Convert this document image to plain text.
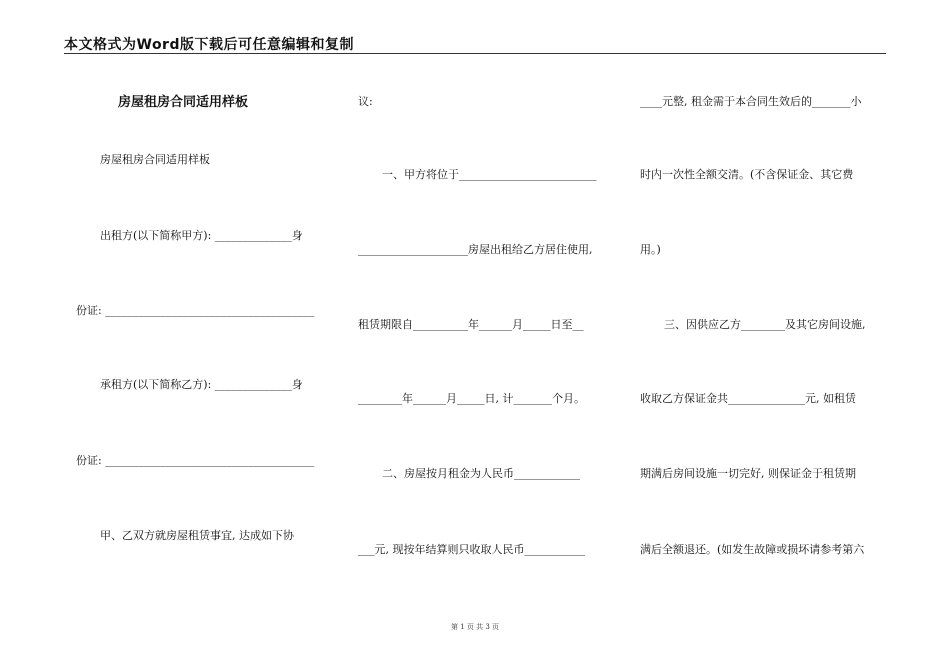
本文格式为Word版下载后可任意编辑和复制
房屋租房合同适用样板
房屋租房合同适用样板
出租方(以下简称甲方): ______________身
份证: ______________________________________
承租方(以下简称乙方): ______________身
份证: ______________________________________
甲、乙双方就房屋租赁事宜, 达成如下协
议:
一、甲方将位于_________________________
____________________房屋出租给乙方居住使用,
租赁期限自__________年______月_____日至__
________年______月_____日, 计_______个月。
二、房屋按月租金为人民币____________
___元, 现按年结算则只收取人民币___________
____元整, 租金需于本合同生效后的_______小
时内一次性全额交清。(不含保证金、其它费
用。)
三、因供应乙方________及其它房间设施,
收取乙方保证金共______________元, 如租赁
期满后房间设施一切完好, 则保证金于租赁期
满后全额退还。(如发生故障或损坏请参考第六
第 1 页 共 3 页
